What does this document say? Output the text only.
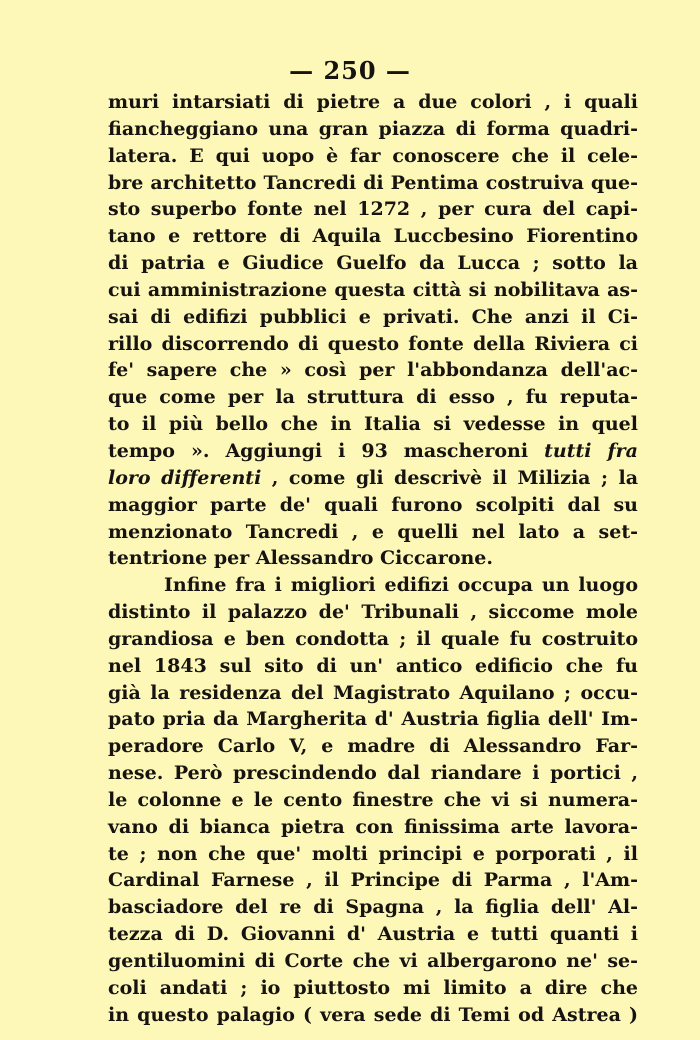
— 250 —
muri intarsiati di pietre a due colori , i quali
fiancheggiano una gran piazza di forma quadri-
latera. E qui uopo è far conoscere che il cele-
bre architetto Tancredi di Pentima costruiva que-
sto superbo fonte nel 1272 , per cura del capi-
tano e rettore di Aquila Luccbesino Fiorentino
di patria e Giudice Guelfo da Lucca ; sotto la
cui amministrazione questa città si nobilitava as-
sai di edifizi pubblici e privati. Che anzi il Ci-
rillo discorrendo di questo fonte della Riviera ci
fe' sapere che » così per l'abbondanza dell'ac-
que come per la struttura di esso , fu reputa-
to il più bello che in Italia si vedesse in quel
tempo ». Aggiungi i 93 mascheroni tutti fra
loro differenti , come gli descrivè il Milizia ; la
maggior parte de' quali furono scolpiti dal su
menzionato Tancredi , e quelli nel lato a set-
tentrione per Alessandro Ciccarone.
Infine fra i migliori edifizi occupa un luogo
distinto il palazzo de' Tribunali , siccome mole
grandiosa e ben condotta ; il quale fu costruito
nel 1843 sul sito di un' antico edificio che fu
già la residenza del Magistrato Aquilano ; occu-
pato pria da Margherita d' Austria figlia dell' Im-
peradore Carlo V, e madre di Alessandro Far-
nese. Però prescindendo dal riandare i portici ,
le colonne e le cento finestre che vi si numera-
vano di bianca pietra con finissima arte lavora-
te ; non che que' molti principi e porporati , il
Cardinal Farnese , il Principe di Parma , l'Am-
basciadore del re di Spagna , la figlia dell' Al-
tezza di D. Giovanni d' Austria e tutti quanti i
gentiluomini di Corte che vi albergarono ne' se-
coli andati ; io piuttosto mi limito a dire che
in questo palagio ( vera sede di Temi od Astrea )
